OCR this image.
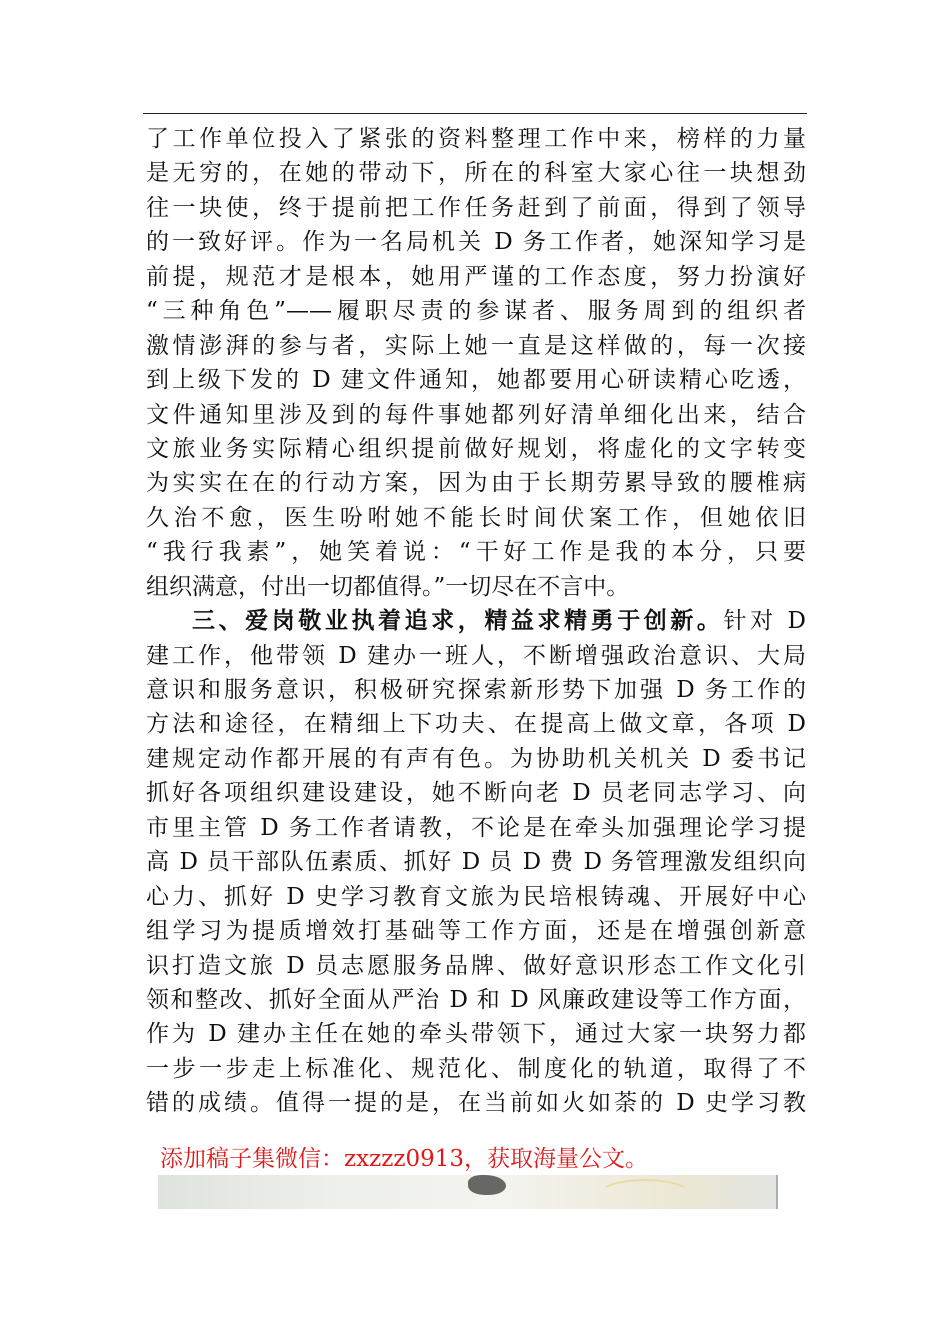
了工作单位投入了紧张的资料整理工作中来，榜样的力量
是无穷的，在她的带动下，所在的科室大家心往一块想劲
往一块使，终于提前把工作任务赶到了前面，得到了领导
的一致好评。作为一名局机关 D 务工作者，她深知学习是
前提，规范才是根本，她用严谨的工作态度，努力扮演好
“三种角色”——履职尽责的参谋者、服务周到的组织者
激情澎湃的参与者，实际上她一直是这样做的，每一次接
到上级下发的 D 建文件通知，她都要用心研读精心吃透，
文件通知里涉及到的每件事她都列好清单细化出来，结合
文旅业务实际精心组织提前做好规划，将虚化的文字转变
为实实在在的行动方案，因为由于长期劳累导致的腰椎病
久治不愈，医生吩咐她不能长时间伏案工作，但她依旧
“我行我素”，她笑着说：“干好工作是我的本分，只要
组织满意，付出一切都值得。”一切尽在不言中。
三、爱岗敬业执着追求，精益求精勇于创新。针对 D
建工作，他带领 D 建办一班人，不断增强政治意识、大局
意识和服务意识，积极研究探索新形势下加强 D 务工作的
方法和途径，在精细上下功夫、在提高上做文章，各项 D
建规定动作都开展的有声有色。为协助机关机关 D 委书记
抓好各项组织建设建设，她不断向老 D 员老同志学习、向
市里主管 D 务工作者请教，不论是在牵头加强理论学习提
高 D 员干部队伍素质、抓好 D 员 D 费 D 务管理激发组织向
心力、抓好 D 史学习教育文旅为民培根铸魂、开展好中心
组学习为提质增效打基础等工作方面，还是在增强创新意
识打造文旅 D 员志愿服务品牌、做好意识形态工作文化引
领和整改、抓好全面从严治 D 和 D 风廉政建设等工作方面，
作为 D 建办主任在她的牵头带领下，通过大家一块努力都
一步一步走上标准化、规范化、制度化的轨道，取得了不
错的成绩。值得一提的是，在当前如火如荼的 D 史学习教
添加稿子集微信：zxzzz0913，获取海量公文。
